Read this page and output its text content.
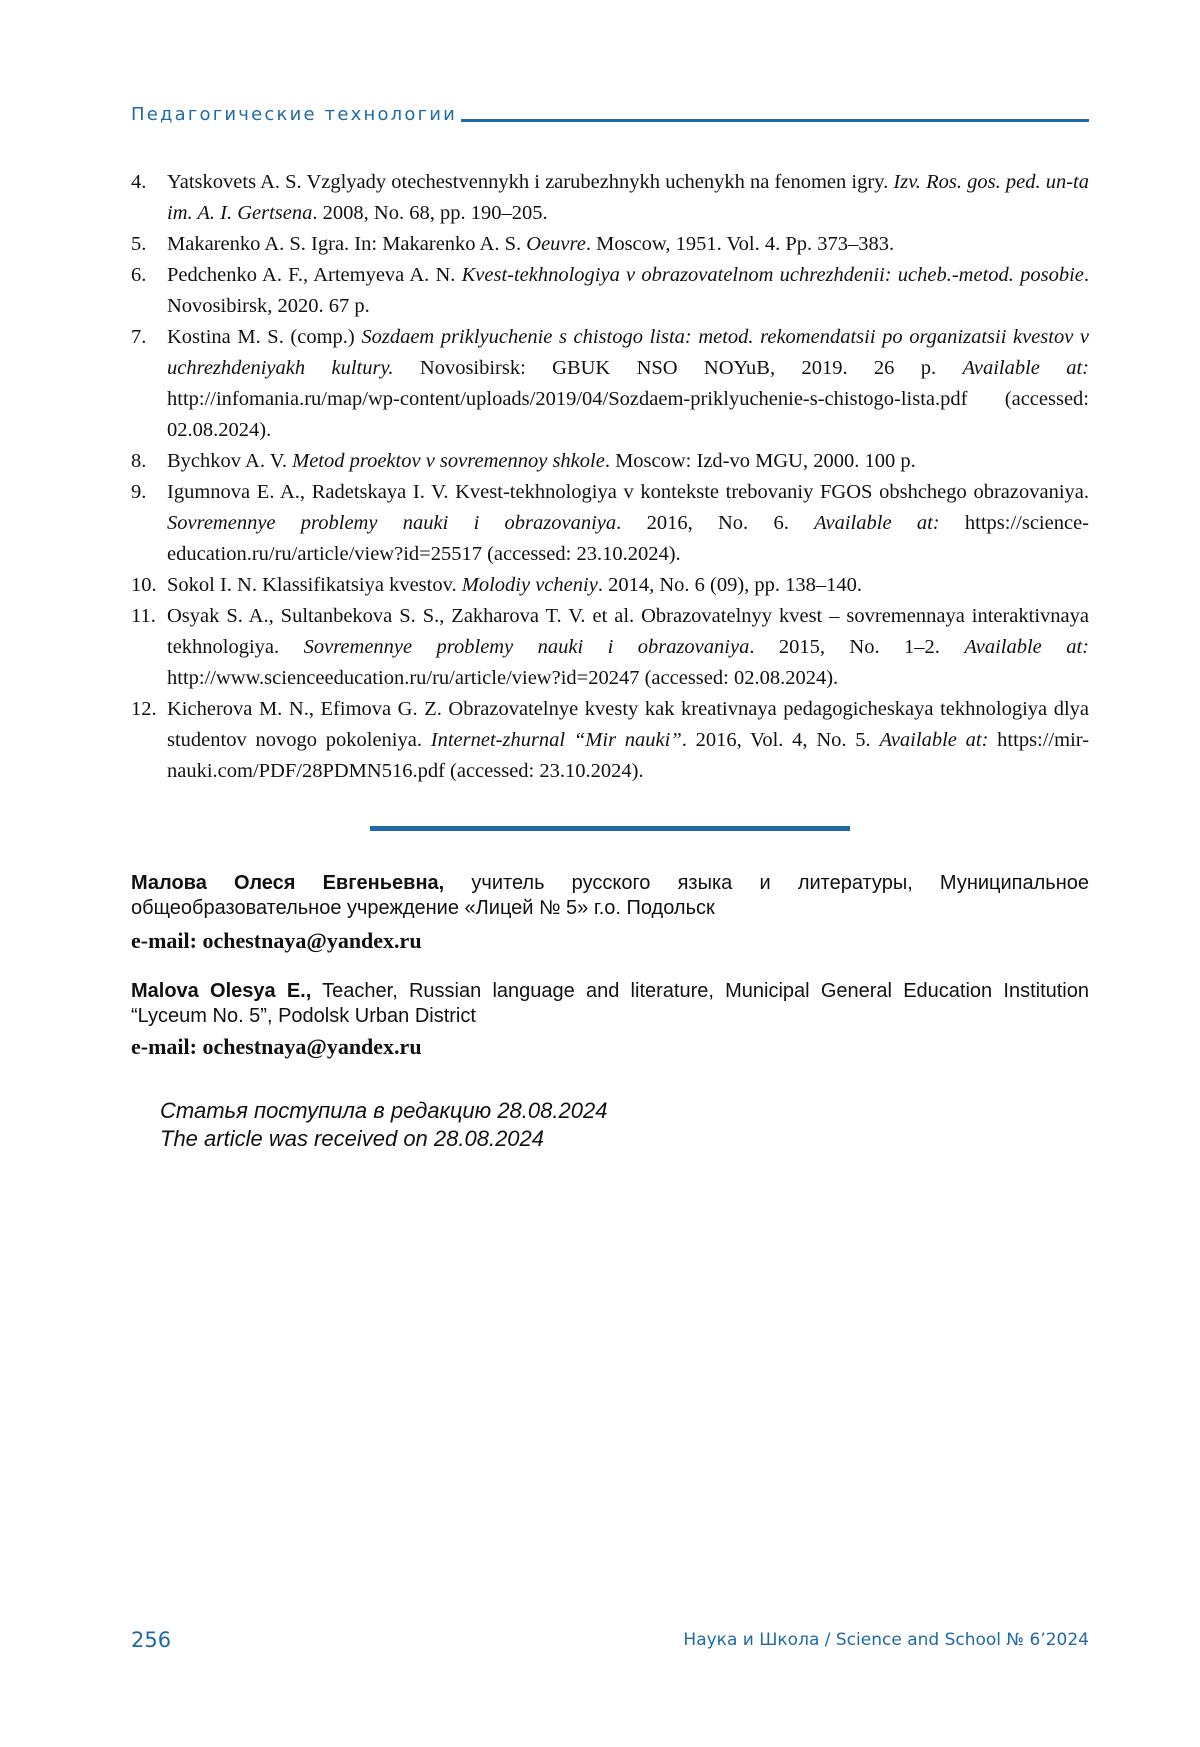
Педагогические технологии
4.	Yatskovets A. S. Vzglyady otechestvennykh i zarubezhnykh uchenykh na fenomen igry. Izv. Ros. gos. ped. un-ta im. A. I. Gertsena. 2008, No. 68, pp. 190–205.
5.	Makarenko A. S. Igra. In: Makarenko A. S. Oeuvre. Moscow, 1951. Vol. 4. Pp. 373–383.
6.	Pedchenko A. F., Artemyeva A. N. Kvest-tekhnologiya v obrazovatelnom uchrezhdenii: ucheb.-metod. posobie. Novosibirsk, 2020. 67 p.
7.	Kostina M. S. (comp.) Sozdaem priklyuchenie s chistogo lista: metod. rekomendatsii po organizatsii kvestov v uchrezhdeniyakh kultury. Novosibirsk: GBUK NSO NOYuB, 2019. 26 p. Available at: http://infomania.ru/map/wp-content/uploads/2019/04/Sozdaem-priklyuchenie-s-chistogo-lista.pdf (accessed: 02.08.2024).
8.	Bychkov A. V. Metod proektov v sovremennoy shkole. Moscow: Izd-vo MGU, 2000. 100 p.
9.	Igumnova E. A., Radetskaya I. V. Kvest-tekhnologiya v kontekste trebovaniy FGOS obshchego obrazovaniya. Sovremennye problemy nauki i obrazovaniya. 2016, No. 6. Available at: https://science-education.ru/ru/article/view?id=25517 (accessed: 23.10.2024).
10. Sokol I. N. Klassifikatsiya kvestov. Molodiy vcheniy. 2014, No. 6 (09), pp. 138–140.
11. Osyak S. A., Sultanbekova S. S., Zakharova T. V. et al. Obrazovatelnyy kvest – sovremennaya interaktivnaya tekhnologiya. Sovremennye problemy nauki i obrazovaniya. 2015, No. 1–2. Available at: http://www.scienceeducation.ru/ru/article/view?id=20247 (accessed: 02.08.2024).
12. Kicherova M. N., Efimova G. Z. Obrazovatelnye kvesty kak kreativnaya pedagogicheskaya tekhnologiya dlya studentov novogo pokoleniya. Internet-zhurnal “Mir nauki”. 2016, Vol. 4, No. 5. Available at: https://mir-nauki.com/PDF/28PDMN516.pdf (accessed: 23.10.2024).
Малова Олеся Евгеньевна, учитель русского языка и литературы, Муниципальное общеобразовательное учреждение «Лицей № 5» г.о. Подольск
e-mail: ochestnaya@yandex.ru
Malova Olesya E., Teacher, Russian language and literature, Municipal General Education Institution “Lyceum No. 5”, Podolsk Urban District
e-mail: ochestnaya@yandex.ru
Статья поступила в редакцию 28.08.2024
The article was received on 28.08.2024
256	Наука и Школа / Science and School № 6’2024
